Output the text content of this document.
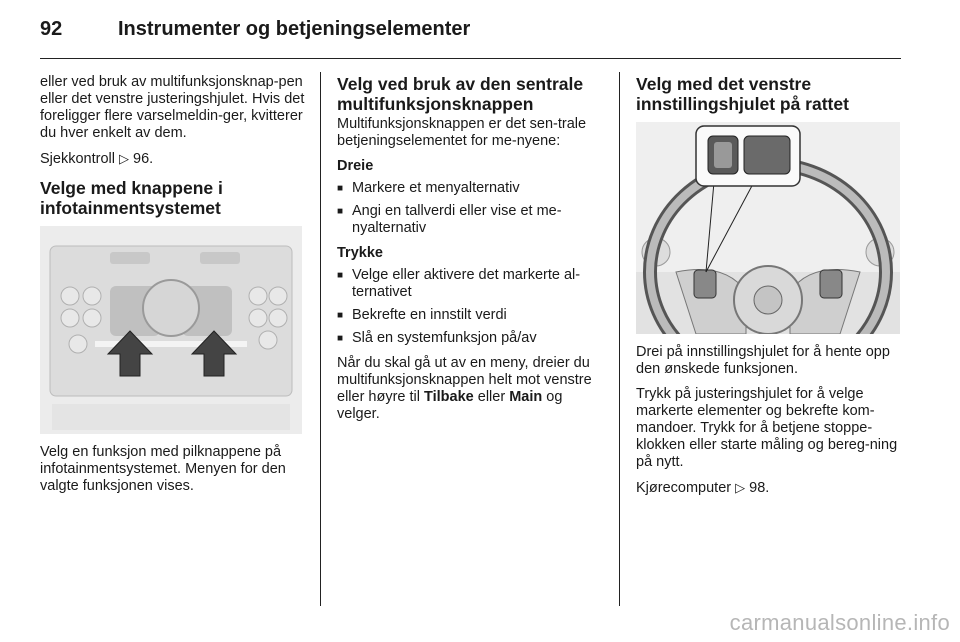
92	Instrumenter og betjeningselementer

eller ved bruk av multifunksjonsknap-pen eller det venstre justeringshjulet. Hvis det foreligger flere varselmeldin-ger, kvitterer du hver enkelt av dem.

Sjekkontroll ▷ 96.

Velge med knappene i infotainmentsystemet

Velg en funksjon med pilknappene på infotainmentsystemet. Menyen for den valgte funksjonen vises.

Velg ved bruk av den sentrale multifunksjonsknappen

Multifunksjonsknappen er det sen-trale betjeningselementet for me-nyene:

Dreie
■ Markere et menyalternativ
■ Angi en tallverdi eller vise et me-nyalternativ
Trykke
■ Velge eller aktivere det markerte al-ternativet
■ Bekrefte en innstilt verdi
■ Slå en systemfunksjon på/av

Når du skal gå ut av en meny, dreier du multifunksjonsknappen helt mot venstre eller høyre til Tilbake eller Main og velger.

Velg med det venstre innstillingshjulet på rattet

Drei på innstillingshjulet for å hente opp den ønskede funksjonen.

Trykk på justeringshjulet for å velge markerte elementer og bekrefte kom-mandoer. Trykk for å betjene stoppe-klokken eller starte måling og bereg-ning på nytt.

Kjørecomputer ▷ 98.

carmanualsonline.info
